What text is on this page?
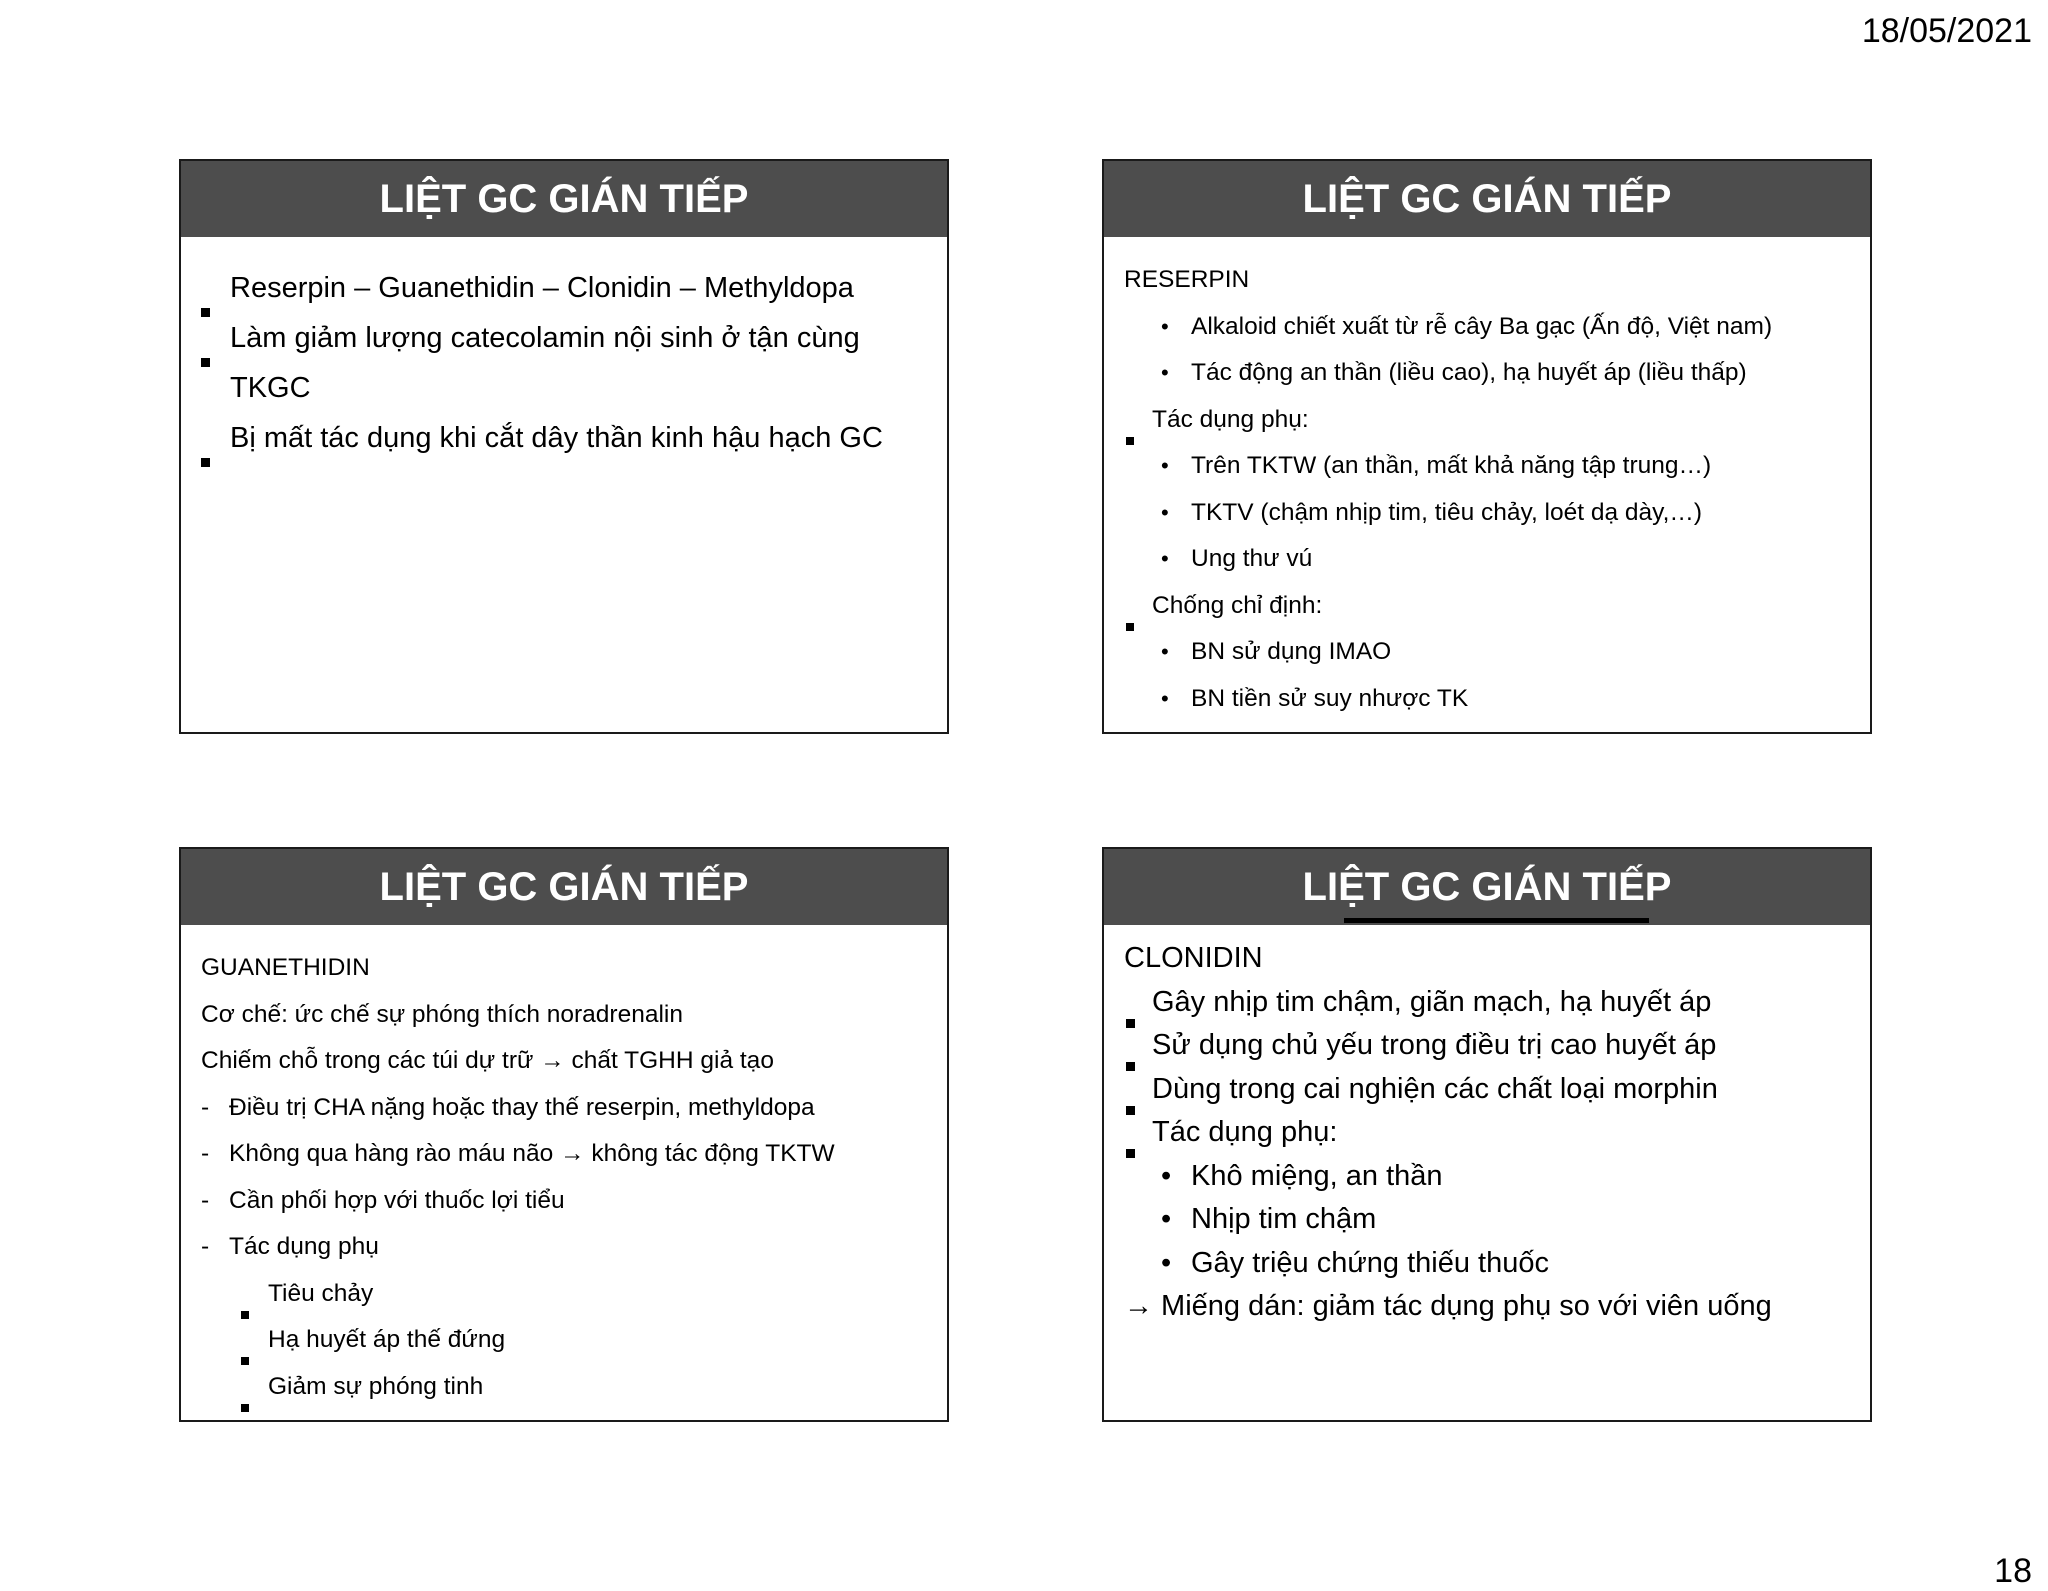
18/05/2021
LIỆT GC GIÁN TIẾP
Reserpin – Guanethidin – Clonidin – Methyldopa
Làm giảm lượng catecolamin nội sinh ở tận cùng
TKGC
Bị mất tác dụng khi cắt dây thần kinh hậu hạch GC
LIỆT GC GIÁN TIẾP
RESERPIN
• Alkaloid chiết xuất từ rễ cây Ba gạc (Ấn độ, Việt nam)
• Tác động an thần (liều cao), hạ huyết áp (liều thấp)
Tác dụng phụ:
• Trên TKTW (an thần, mất khả năng tập trung…)
• TKTV (chậm nhịp tim, tiêu chảy, loét dạ dày,…)
• Ung thư vú
Chống chỉ định:
• BN sử dụng IMAO
• BN tiền sử suy nhược TK
LIỆT GC GIÁN TIẾP
GUANETHIDIN
Cơ chế: ức chế sự phóng thích noradrenalin
Chiếm chỗ trong các túi dự trữ → chất TGHH giả tạo
- Điều trị CHA nặng hoặc thay thế reserpin, methyldopa
- Không qua hàng rào máu não → không tác động TKTW
- Cần phối hợp với thuốc lợi tiểu
- Tác dụng phụ
Tiêu chảy
Hạ huyết áp thế đứng
Giảm sự phóng tinh
LIỆT GC GIÁN TIẾP
CLONIDIN
Gây nhịp tim chậm, giãn mạch, hạ huyết áp
Sử dụng chủ yếu trong điều trị cao huyết áp
Dùng trong cai nghiện các chất loại morphin
Tác dụng phụ:
• Khô miệng, an thần
• Nhịp tim chậm
• Gây triệu chứng thiếu thuốc
→ Miếng dán: giảm tác dụng phụ so với viên uống
18
